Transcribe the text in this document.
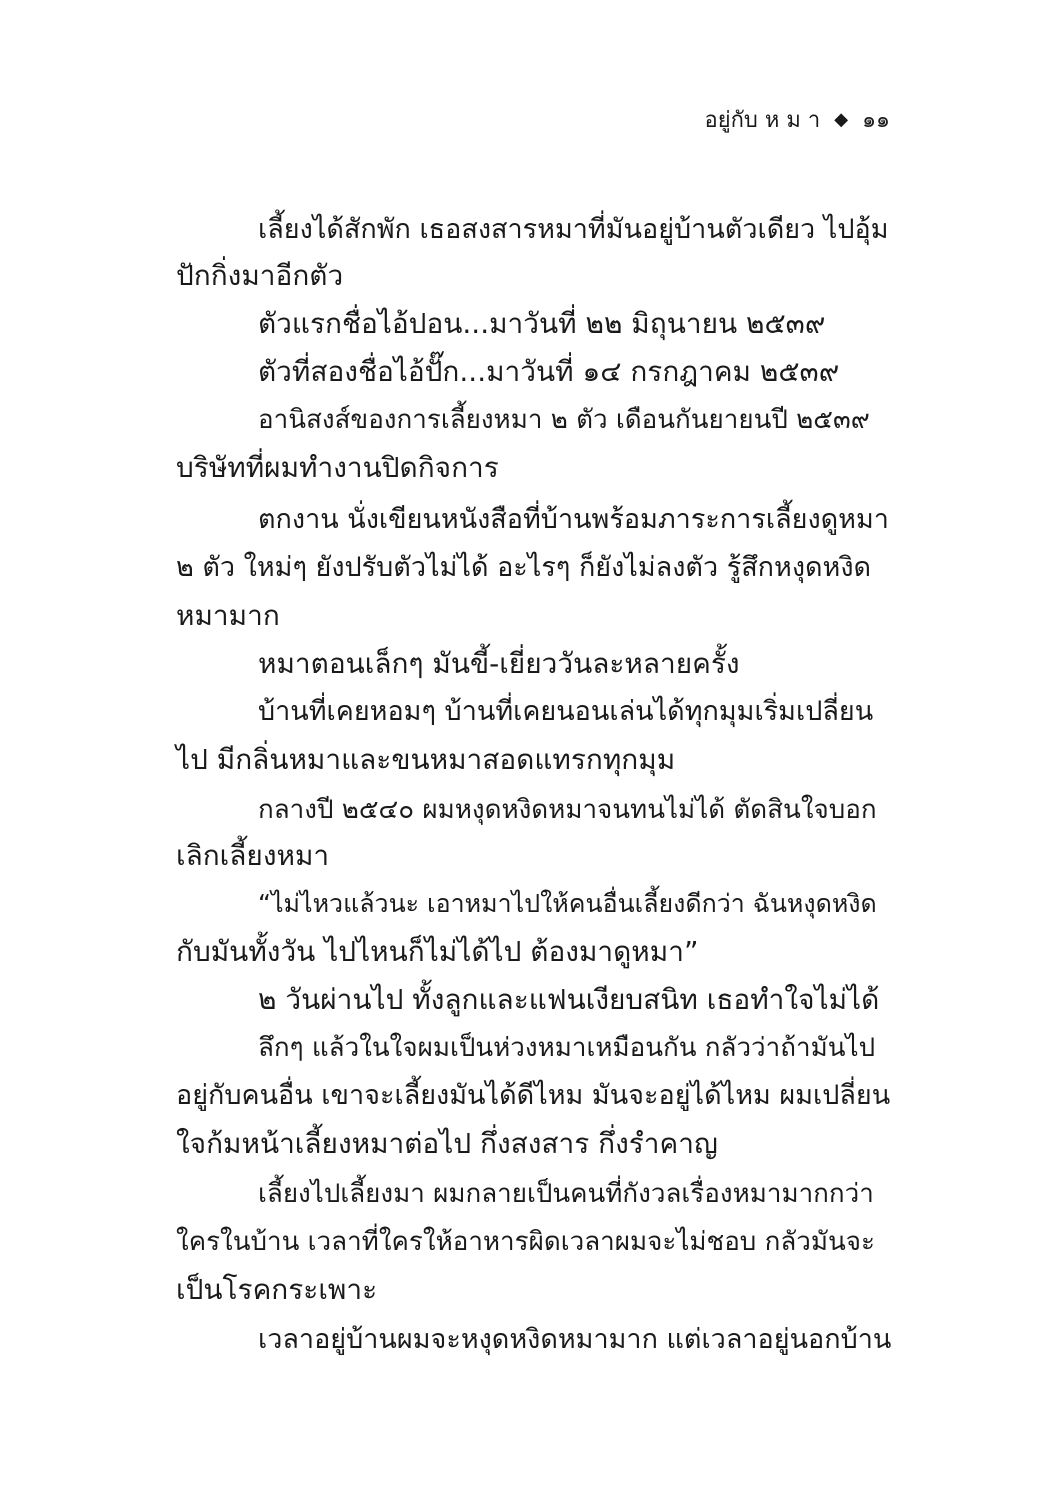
อยู่กับ ห ม า ◆ ๑๑
เลี้ยงได้สักพัก เธอสงสารหมาที่มันอยู่บ้านตัวเดียว ไปอุ้ม
ปักกิ่งมาอีกตัว
ตัวแรกชื่อไอ้ปอน...มาวันที่ ๒๒ มิถุนายน ๒๕๓๙
ตัวที่สองชื่อไอ้ปั๊ก...มาวันที่ ๑๔ กรกฎาคม ๒๕๓๙
อานิสงส์ของการเลี้ยงหมา ๒ ตัว เดือนกันยายนปี ๒๕๓๙
บริษัทที่ผมทำงานปิดกิจการ
ตกงาน นั่งเขียนหนังสือที่บ้านพร้อมภาระการเลี้ยงดูหมา
๒ ตัว ใหม่ๆ ยังปรับตัวไม่ได้ อะไรๆ ก็ยังไม่ลงตัว รู้สึกหงุดหงิด
หมามาก
หมาตอนเล็กๆ มันขี้-เยี่ยววันละหลายครั้ง
บ้านที่เคยหอมๆ บ้านที่เคยนอนเล่นได้ทุกมุมเริ่มเปลี่ยน
ไป มีกลิ่นหมาและขนหมาสอดแทรกทุกมุม
กลางปี ๒๕๔๐ ผมหงุดหงิดหมาจนทนไม่ได้ ตัดสินใจบอก
เลิกเลี้ยงหมา
“ไม่ไหวแล้วนะ เอาหมาไปให้คนอื่นเลี้ยงดีกว่า ฉันหงุดหงิด
กับมันทั้งวัน ไปไหนก็ไม่ได้ไป ต้องมาดูหมา”
๒ วันผ่านไป ทั้งลูกและแฟนเงียบสนิท เธอทำใจไม่ได้
ลึกๆ แล้วในใจผมเป็นห่วงหมาเหมือนกัน กลัวว่าถ้ามันไป
อยู่กับคนอื่น เขาจะเลี้ยงมันได้ดีไหม มันจะอยู่ได้ไหม ผมเปลี่ยน
ใจก้มหน้าเลี้ยงหมาต่อไป กึ่งสงสาร กึ่งรำคาญ
เลี้ยงไปเลี้ยงมา ผมกลายเป็นคนที่กังวลเรื่องหมามากกว่า
ใครในบ้าน เวลาที่ใครให้อาหารผิดเวลาผมจะไม่ชอบ กลัวมันจะ
เป็นโรคกระเพาะ
เวลาอยู่บ้านผมจะหงุดหงิดหมามาก แต่เวลาอยู่นอกบ้าน
